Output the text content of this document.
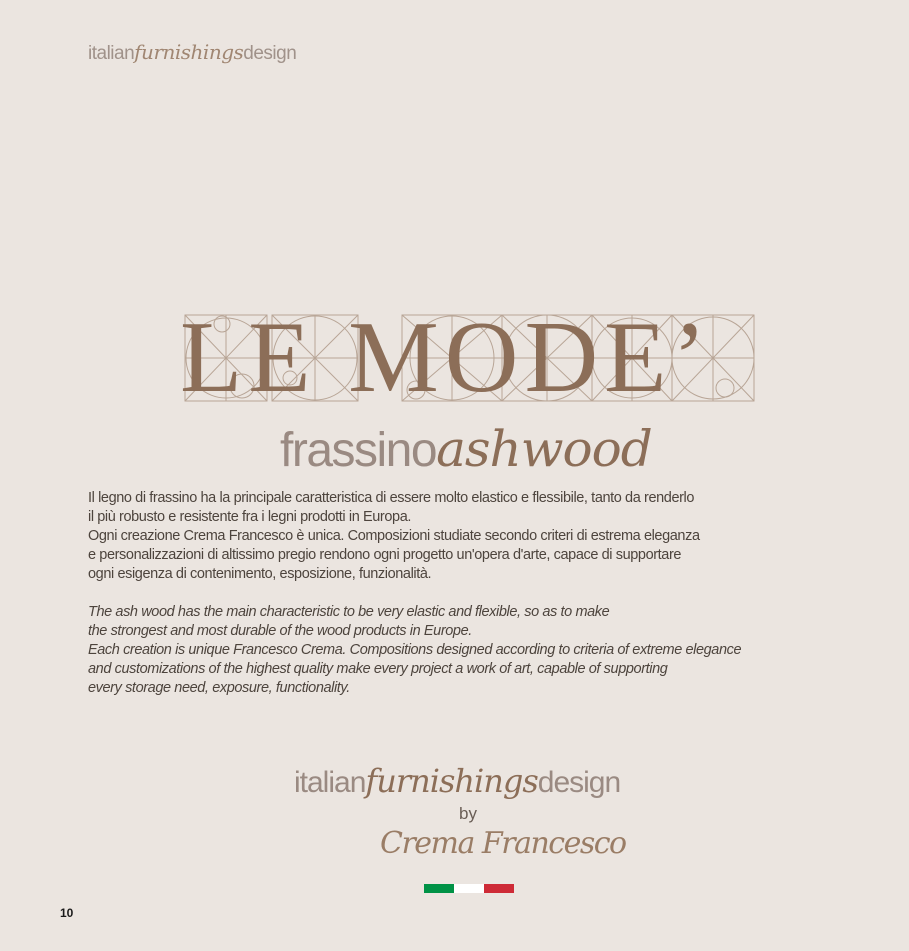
italianfurnishingsdesign
LE MODE’
frassinoashwood
Il legno di frassino ha la principale caratteristica di essere molto elastico e flessibile, tanto da renderlo
il più robusto e resistente fra i legni prodotti in Europa.
Ogni creazione Crema Francesco è unica. Composizioni studiate secondo criteri di estrema eleganza
e personalizzazioni di altissimo pregio rendono ogni progetto un'opera d'arte, capace di supportare
ogni esigenza di contenimento, esposizione, funzionalità.
The ash wood has the main characteristic to be very elastic and flexible, so as to make
the strongest and most durable of the wood products in Europe.
Each creation is unique Francesco Crema. Compositions designed according to criteria of extreme elegance
and customizations of the highest quality make every project a work of art, capable of supporting
every storage need, exposure, functionality.
italianfurnishingsdesign
by
Crema Francesco
10
